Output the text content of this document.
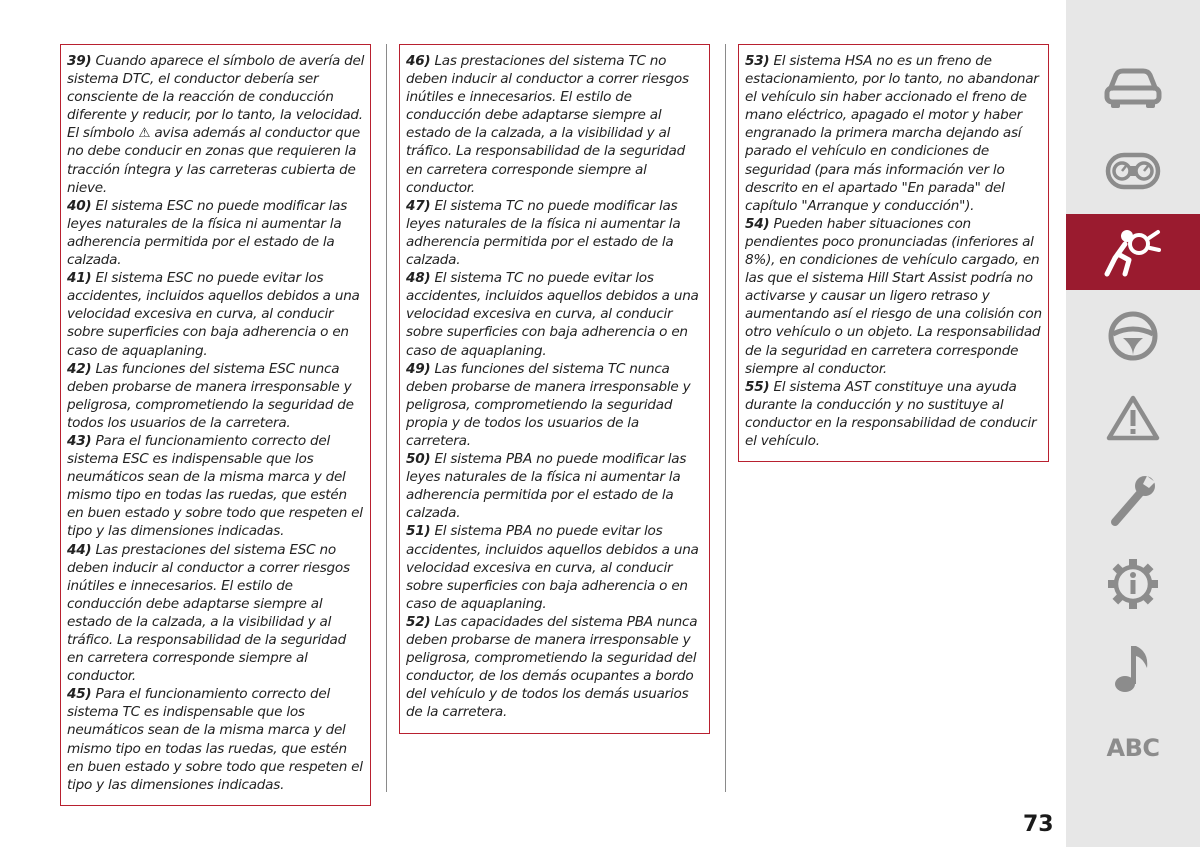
39) Cuando aparece el símbolo de avería del sistema DTC, el conductor debería ser consciente de la reacción de conducción diferente y reducir, por lo tanto, la velocidad. El símbolo ⚠ avisa además al conductor que no debe conducir en zonas que requieren la tracción íntegra y las carreteras cubierta de nieve.

40) El sistema ESC no puede modificar las leyes naturales de la física ni aumentar la adherencia permitida por el estado de la calzada.

41) El sistema ESC no puede evitar los accidentes, incluidos aquellos debidos a una velocidad excesiva en curva, al conducir sobre superficies con baja adherencia o en caso de aquaplaning.

42) Las funciones del sistema ESC nunca deben probarse de manera irresponsable y peligrosa, comprometiendo la seguridad de todos los usuarios de la carretera.

43) Para el funcionamiento correcto del sistema ESC es indispensable que los neumáticos sean de la misma marca y del mismo tipo en todas las ruedas, que estén en buen estado y sobre todo que respeten el tipo y las dimensiones indicadas.

44) Las prestaciones del sistema ESC no deben inducir al conductor a correr riesgos inútiles e innecesarios. El estilo de conducción debe adaptarse siempre al estado de la calzada, a la visibilidad y al tráfico. La responsabilidad de la seguridad en carretera corresponde siempre al conductor.

45) Para el funcionamiento correcto del sistema TC es indispensable que los neumáticos sean de la misma marca y del mismo tipo en todas las ruedas, que estén en buen estado y sobre todo que respeten el tipo y las dimensiones indicadas.

46) Las prestaciones del sistema TC no deben inducir al conductor a correr riesgos inútiles e innecesarios. El estilo de conducción debe adaptarse siempre al estado de la calzada, a la visibilidad y al tráfico. La responsabilidad de la seguridad en carretera corresponde siempre al conductor.

47) El sistema TC no puede modificar las leyes naturales de la física ni aumentar la adherencia permitida por el estado de la calzada.

48) El sistema TC no puede evitar los accidentes, incluidos aquellos debidos a una velocidad excesiva en curva, al conducir sobre superficies con baja adherencia o en caso de aquaplaning.

49) Las funciones del sistema TC nunca deben probarse de manera irresponsable y peligrosa, comprometiendo la seguridad propia y de todos los usuarios de la carretera.

50) El sistema PBA no puede modificar las leyes naturales de la física ni aumentar la adherencia permitida por el estado de la calzada.

51) El sistema PBA no puede evitar los accidentes, incluidos aquellos debidos a una velocidad excesiva en curva, al conducir sobre superficies con baja adherencia o en caso de aquaplaning.

52) Las capacidades del sistema PBA nunca deben probarse de manera irresponsable y peligrosa, comprometiendo la seguridad del conductor, de los demás ocupantes a bordo del vehículo y de todos los demás usuarios de la carretera.

53) El sistema HSA no es un freno de estacionamiento, por lo tanto, no abandonar el vehículo sin haber accionado el freno de mano eléctrico, apagado el motor y haber engranado la primera marcha dejando así parado el vehículo en condiciones de seguridad (para más información ver lo descrito en el apartado "En parada" del capítulo "Arranque y conducción").

54) Pueden haber situaciones con pendientes poco pronunciadas (inferiores al 8%), en condiciones de vehículo cargado, en las que el sistema Hill Start Assist podría no activarse y causar un ligero retraso y aumentando así el riesgo de una colisión con otro vehículo o un objeto. La responsabilidad de la seguridad en carretera corresponde siempre al conductor.

55) El sistema AST constituye una ayuda durante la conducción y no sustituye al conductor en la responsabilidad de conducir el vehículo.

73
ABC
